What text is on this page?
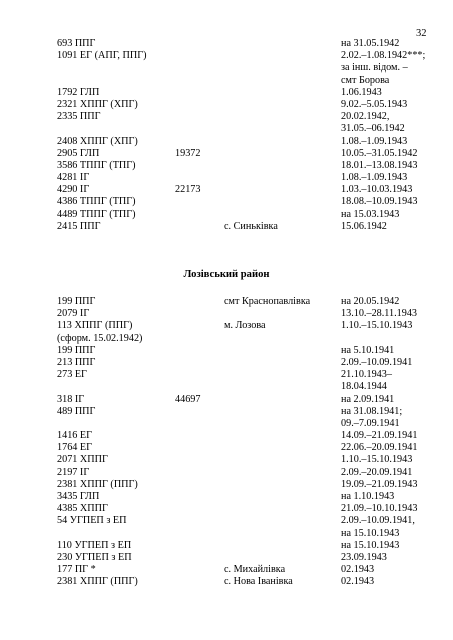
32
693 ППГ	на 31.05.1942
1091 ЕГ (АПГ, ППГ)	2.02.–1.08.1942***;
за інш. відом. –
смт Борова
1792 ГЛП	1.06.1943
2321 ХППГ (ХПГ)	9.02.–5.05.1943
2335 ППГ	20.02.1942,
31.05.–06.1942
2408 ХППГ (ХПГ)	1.08.–1.09.1943
2905 ГЛП	19372	10.05.–31.05.1942
3586 ТППГ (ТПГ)	18.01.–13.08.1943
4281 ІГ	1.08.–1.09.1943
4290 ІГ	22173	1.03.–10.03.1943
4386 ТППГ (ТПГ)	18.08.–10.09.1943
4489 ТППГ (ТПГ)	на 15.03.1943
2415 ППГ	с. Синьківка	15.06.1942
Лозівський район
199 ППГ	смт Краснопавлівка	на 20.05.1942
2079 ІГ	13.10.–28.11.1943
113 ХППГ (ППГ)	м. Лозова	1.10.–15.10.1943
(сформ. 15.02.1942)
199 ППГ	на 5.10.1941
213 ППГ	2.09.–10.09.1941
273 ЕГ	21.10.1943–
18.04.1944
318 ІГ	44697	на 2.09.1941
489 ППГ	на 31.08.1941;
09.–7.09.1941
1416 ЕГ	14.09.–21.09.1941
1764 ЕГ	22.06.–20.09.1941
2071 ХППГ	1.10.–15.10.1943
2197 ІГ	2.09.–20.09.1941
2381 ХППГ (ППГ)	19.09.–21.09.1943
3435 ГЛП	на 1.10.1943
4385 ХППГ	21.09.–10.10.1943
54 УГПЕП з ЕП	2.09.–10.09.1941,
на 15.10.1943
110 УГПЕП з ЕП	на 15.10.1943
230 УГПЕП з ЕП	23.09.1943
177 ПГ *	с. Михайлівка	02.1943
2381 ХППГ (ППГ)	с. Нова Іванівка	02.1943
